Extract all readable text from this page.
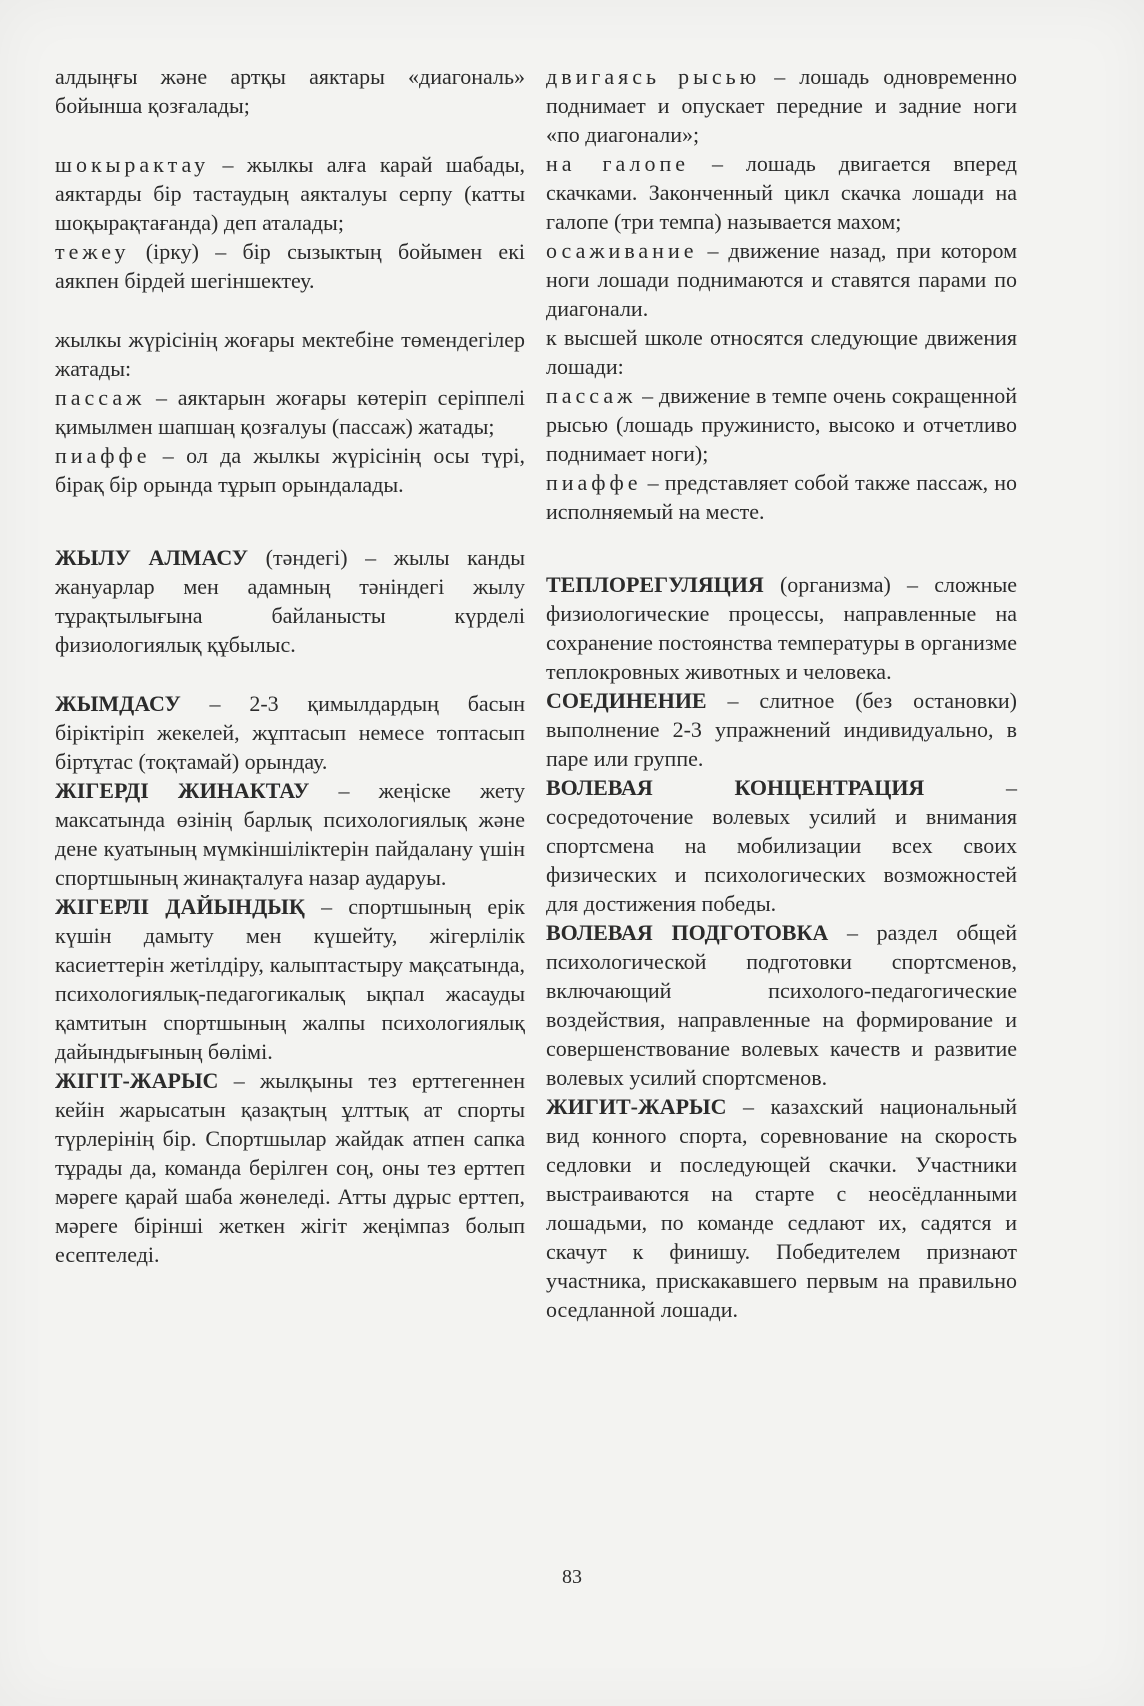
алдыңғы және артқы аяктары «диагональ» бойынша қозғалады;

шокырактау – жылкы алға карай шабады, аяктарды бір тастаудың аякталуы серпу (катты шоқырақтағанда) деп аталады;

тежеу (ірку) – бір сызыктың бойымен екі аякпен бірдей шегіншектеу.

жылкы жүрісінің жоғары мектебіне төмендегілер жатады:

пассаж – аяктарын жоғары көтеріп серіппелі қимылмен шапшаң қозғалуы (пассаж) жатады;

пиаффе – ол да жылкы жүрісінің осы түрі, бірақ бір орында тұрып орындалады.

ЖЫЛУ АЛМАСУ (тәндегі) – жылы канды жануарлар мен адамның тәніндегі жылу тұрақтылығына байланысты күрделі физиологиялық құбылыс.

ЖЫМДАСУ – 2-3 қимылдардың басын біріктіріп жекелей, жұптасып немесе топтасып біртұтас (тоқтамай) орындау.

ЖІГЕРДІ ЖИНАКТАУ – жеңіске жету максатында өзінің барлық психологиялық және дене куатының мүмкіншіліктерін пайдалану үшін спортшының жинақталуға назар аударуы.

ЖІГЕРЛІ ДАЙЫНДЫҚ – спортшының ерік күшін дамыту мен күшейту, жігерлілік касиеттерін жетілдіру, калыптастыру мақсатында, психологиялық-педагогикалық ықпал жасауды қамтитын спортшының жалпы психологиялық дайындығының бөлімі.

ЖІГІТ-ЖАРЫС – жылқыны тез ерттегеннен кейін жарысатын қазақтың ұлттық ат спорты түрлерінің бір. Спортшылар жайдак атпен сапка тұрады да, команда берілген соң, оны тез ерттеп мәреге қарай шаба жөнеледі. Атты дұрыс ерттеп, мәреге бірінші жеткен жігіт жеңімпаз болып есептеледі.

двигаясь рысью – лошадь одновременно поднимает и опускает передние и задние ноги «по диагонали»;

на галопе – лошадь двигается вперед скачками. Законченный цикл скачка лошади на галопе (три темпа) называется махом;

осаживание – движение назад, при котором ноги лошади поднимаются и ставятся парами по диагонали.

к высшей школе относятся следующие движения лошади:

пассаж – движение в темпе очень сокращенной рысью (лошадь пружинисто, высоко и отчетливо поднимает ноги);

пиаффе – представляет собой также пассаж, но исполняемый на месте.

ТЕПЛОРЕГУЛЯЦИЯ (организма) – сложные физиологические процессы, направленные на сохранение постоянства температуры в организме теплокровных животных и человека.

СОЕДИНЕНИЕ – слитное (без остановки) выполнение 2-3 упражнений индивидуально, в паре или группе.

ВОЛЕВАЯ КОНЦЕНТРАЦИЯ – сосредоточение волевых усилий и внимания спортсмена на мобилизации всех своих физических и психологических возможностей для достижения победы.

ВОЛЕВАЯ ПОДГОТОВКА – раздел общей психологической подготовки спортсменов, включающий психолого-педагогические воздействия, направленные на формирование и совершенствование волевых качеств и развитие волевых усилий спортсменов.

ЖИГИТ-ЖАРЫС – казахский национальный вид конного спорта, соревнование на скорость седловки и последующей скачки. Участники выстраиваются на старте с неосёдланными лошадьми, по команде седлают их, садятся и скачут к финишу. Победителем признают участника, прискакавшего первым на правильно оседланной лошади.

83
